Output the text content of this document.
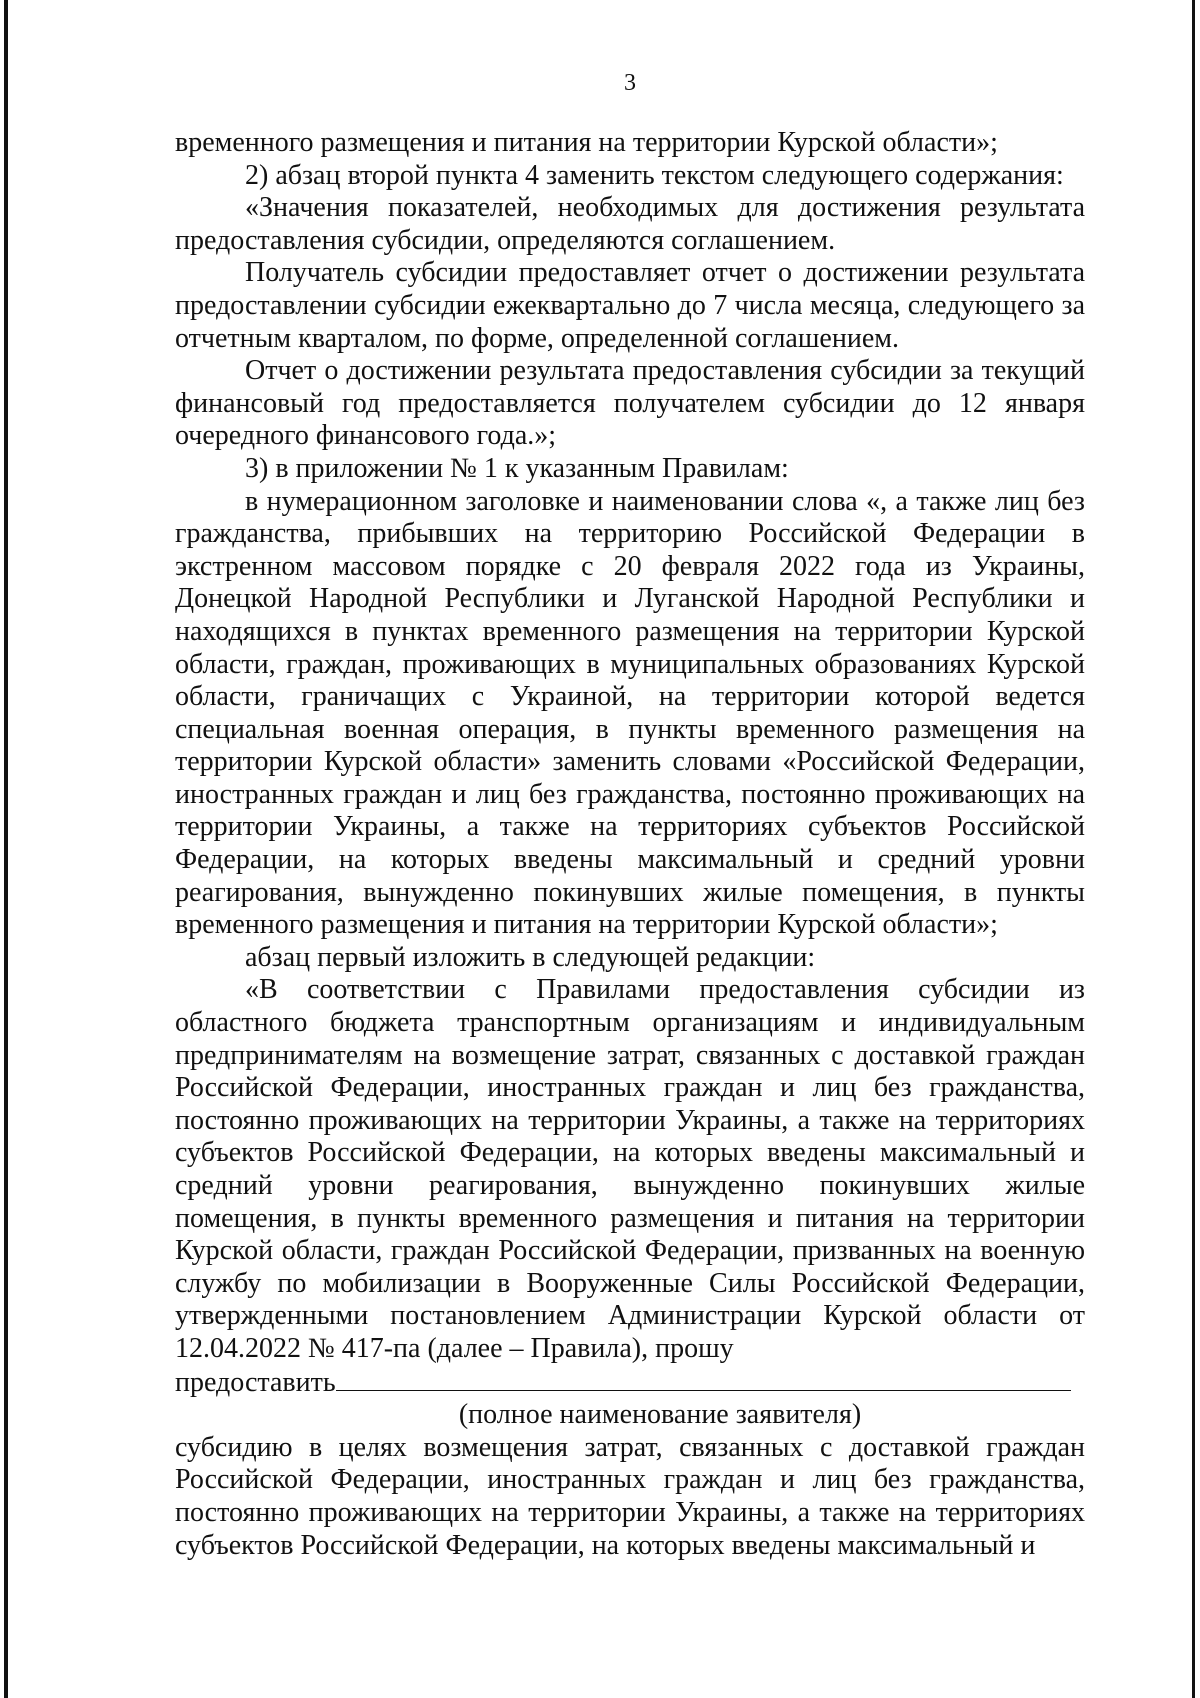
3

временного размещения и питания на территории Курской области»;

2) абзац второй пункта 4 заменить текстом следующего содержания:

«Значения показателей, необходимых для достижения результата предоставления субсидии, определяются соглашением.

Получатель субсидии предоставляет отчет о достижении результата предоставлении субсидии ежеквартально до 7 числа месяца, следующего за отчетным кварталом, по форме, определенной соглашением.

Отчет о достижении результата предоставления субсидии за текущий финансовый год предоставляется получателем субсидии до 12 января очередного финансового года.»;

3) в приложении № 1 к указанным Правилам:

в нумерационном заголовке и наименовании слова «, а также лиц без гражданства, прибывших на территорию Российской Федерации в экстренном массовом порядке с 20 февраля 2022 года из Украины, Донецкой Народной Республики и Луганской Народной Республики и находящихся в пунктах временного размещения на территории Курской области, граждан, проживающих в муниципальных образованиях Курской области, граничащих с Украиной, на территории которой ведется специальная военная операция, в пункты временного размещения на территории Курской области» заменить словами «Российской Федерации, иностранных граждан и лиц без гражданства, постоянно проживающих на территории Украины, а также на территориях субъектов Российской Федерации, на которых введены максимальный и средний уровни реагирования, вынужденно покинувших жилые помещения, в пункты временного размещения и питания на территории Курской области»;

абзац первый изложить в следующей редакции:

«В соответствии с Правилами предоставления субсидии из областного бюджета транспортным организациям и индивидуальным предпринимателям на возмещение затрат, связанных с доставкой граждан Российской Федерации, иностранных граждан и лиц без гражданства, постоянно проживающих на территории Украины, а также на территориях субъектов Российской Федерации, на которых введены максимальный и средний уровни реагирования, вынужденно покинувших жилые помещения, в пункты временного размещения и питания на территории Курской области, граждан Российской Федерации, призванных на военную службу по мобилизации в Вооруженные Силы Российской Федерации, утвержденными постановлением Администрации Курской области от 12.04.2022 № 417-па (далее – Правила), прошу

предоставить

(полное наименование заявителя)

субсидию в целях возмещения затрат, связанных с доставкой граждан Российской Федерации, иностранных граждан и лиц без гражданства, постоянно проживающих на территории Украины, а также на территориях субъектов Российской Федерации, на которых введены максимальный и
